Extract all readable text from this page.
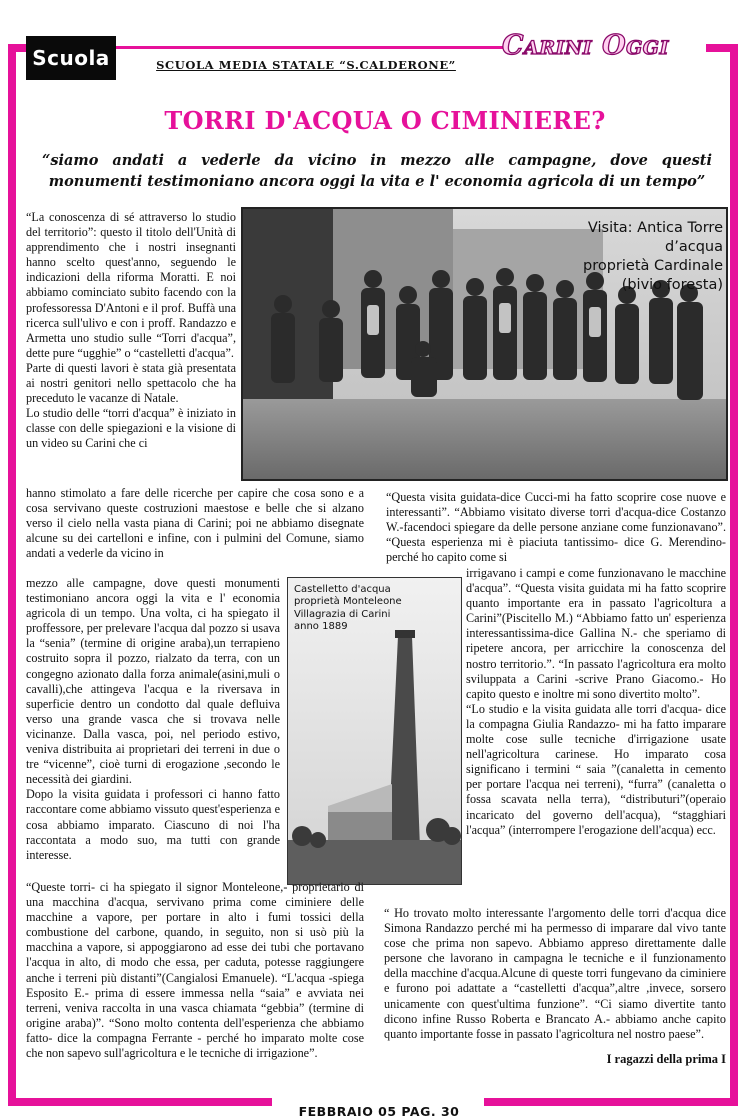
Scuola	SCUOLA MEDIA STATALE “S.CALDERONE”
Carini Oggi
TORRI D'ACQUA O CIMINIERE?
“siamo andati a vederle da vicino in mezzo alle campagne, dove questi monumenti testimoniano ancora oggi la vita e l' economia agricola di un tempo”
Visita: Antica Torre d’acqua
proprietà Cardinale (bivio foresta)
Castelletto d'acqua
proprietà Monteleone
Villagrazia di Carini
anno 1889

“La conoscenza di sé attraverso lo studio del territorio”: questo il titolo dell'Unità di apprendimento che i nostri insegnanti hanno scelto quest'anno, seguendo le indicazioni della riforma Moratti. E noi abbiamo cominciato subito facendo con la professoressa D'Antoni e il prof. Buffà una ricerca sull'ulivo e con i proff. Randazzo e Armetta uno studio sulle “Torri d'acqua”, dette pure “ugghie” o “castelletti d'acqua”.

Parte di questi lavori è stata già presentata ai nostri genitori nello spettacolo che ha preceduto le vacanze di Natale.

Lo studio delle “torri d'acqua” è iniziato in classe con delle spiegazioni e la visione di un video su Carini che ci

hanno stimolato a fare delle ricerche per capire che cosa sono e a cosa servivano queste costruzioni maestose e belle che si alzano verso il cielo nella vasta piana di Carini; poi ne abbiamo disegnate alcune su dei cartelloni e infine, con i pulmini del Comune, siamo andati a vederle da vicino in

mezzo alle campagne, dove questi monumenti testimoniano ancora oggi la vita e l' economia agricola di un tempo. Una volta, ci ha spiegato il proffessore, per prelevare l'acqua dal pozzo si usava la “senia” (termine di origine araba),un terrapieno costruito sopra il pozzo, rialzato da terra, con un congegno azionato dalla forza animale(asini,muli o cavalli),che attingeva l'acqua e la riversava in superficie dentro un condotto dal quale defluiva verso una grande vasca che si trovava nelle vicinanze. Dalla vasca, poi, nel periodo estivo, veniva distribuita ai proprietari dei terreni in due o tre “vicenne”, cioè turni di erogazione ,secondo le necessità dei giardini.

Dopo la visita guidata i professori ci hanno fatto raccontare come abbiamo vissuto quest'esperienza e cosa abbiamo imparato. Ciascuno di noi l'ha raccontata a modo suo, ma tutti con grande interesse.

“Queste torri- ci ha spiegato il signor Monteleone,- proprietario di una macchina d'acqua, servivano prima come ciminiere delle macchine a vapore, per portare in alto i fumi tossici della combustione del carbone, quando, in seguito, non si usò più la macchina a vapore, si appoggiarono ad esse dei tubi che portavano l'acqua in alto, di modo che essa, per caduta, potesse raggiungere anche i terreni più distanti”(Cangialosi Emanuele). “L'acqua -spiega Esposito E.- prima di essere immessa nella “saia” e avviata nei terreni, veniva raccolta in una vasca chiamata “gebbia” (termine di origine araba)”. “Sono molto contenta dell'esperienza che abbiamo fatto- dice la compagna Ferrante - perché ho imparato molte cose che non sapevo sull'agricoltura e le tecniche di irrigazione”.

“Questa visita guidata-dice Cucci-mi ha fatto scoprire cose nuove e interessanti”. “Abbiamo visitato diverse torri d'acqua-dice Costanzo W.-facendoci spiegare da delle persone anziane come funzionavano”. “Questa esperienza mi è piaciuta tantissimo- dice G. Merendino-perché ho capito come si

irrigavano i campi e come funzionavano le macchine d'acqua”. “Questa visita guidata mi ha fatto scoprire quanto importante era in passato l'agricoltura a Carini”(Piscitello M.) “Abbiamo fatto un' esperienza interessantissima-dice Gallina N.- che speriamo di ripetere ancora, per arricchire la conoscenza del nostro territorio.”. “In passato l'agricoltura era molto sviluppata a Carini -scrive Prano Giacomo.- Ho capito questo e inoltre mi sono divertito molto”.

“Lo studio e la visita guidata alle torri d'acqua- dice la compagna Giulia Randazzo- mi ha fatto imparare molte cose sulle tecniche d'irrigazione usate nell'agricoltura carinese. Ho imparato cosa significano i termini “ saia ”(canaletta in cemento per portare l'acqua nei terreni), “furra” (canaletta o fossa scavata nella terra), “distributuri”(operaio incaricato del governo dell'acqua), “stagghiari l'acqua” (interrompere l'erogazione dell'acqua) ecc.

“ Ho trovato molto interessante l'argomento delle torri d'acqua dice Simona Randazzo perché mi ha permesso di imparare dal vivo tante cose che prima non sapevo. Abbiamo appreso direttamente dalle persone che lavorano in campagna le tecniche e il funzionamento della macchine d'acqua.Alcune di queste torri fungevano da ciminiere e furono poi adattate a “castelletti d'acqua”,altre ,invece, sorsero unicamente con quest'ultima funzione”. “Ci siamo divertite tanto dicono infine Russo Roberta e Brancato A.- abbiamo anche capito quanto importante fosse in passato l'agricoltura nel nostro paese”.

I ragazzi della prima I
FEBBRAIO 05 PAG. 30
